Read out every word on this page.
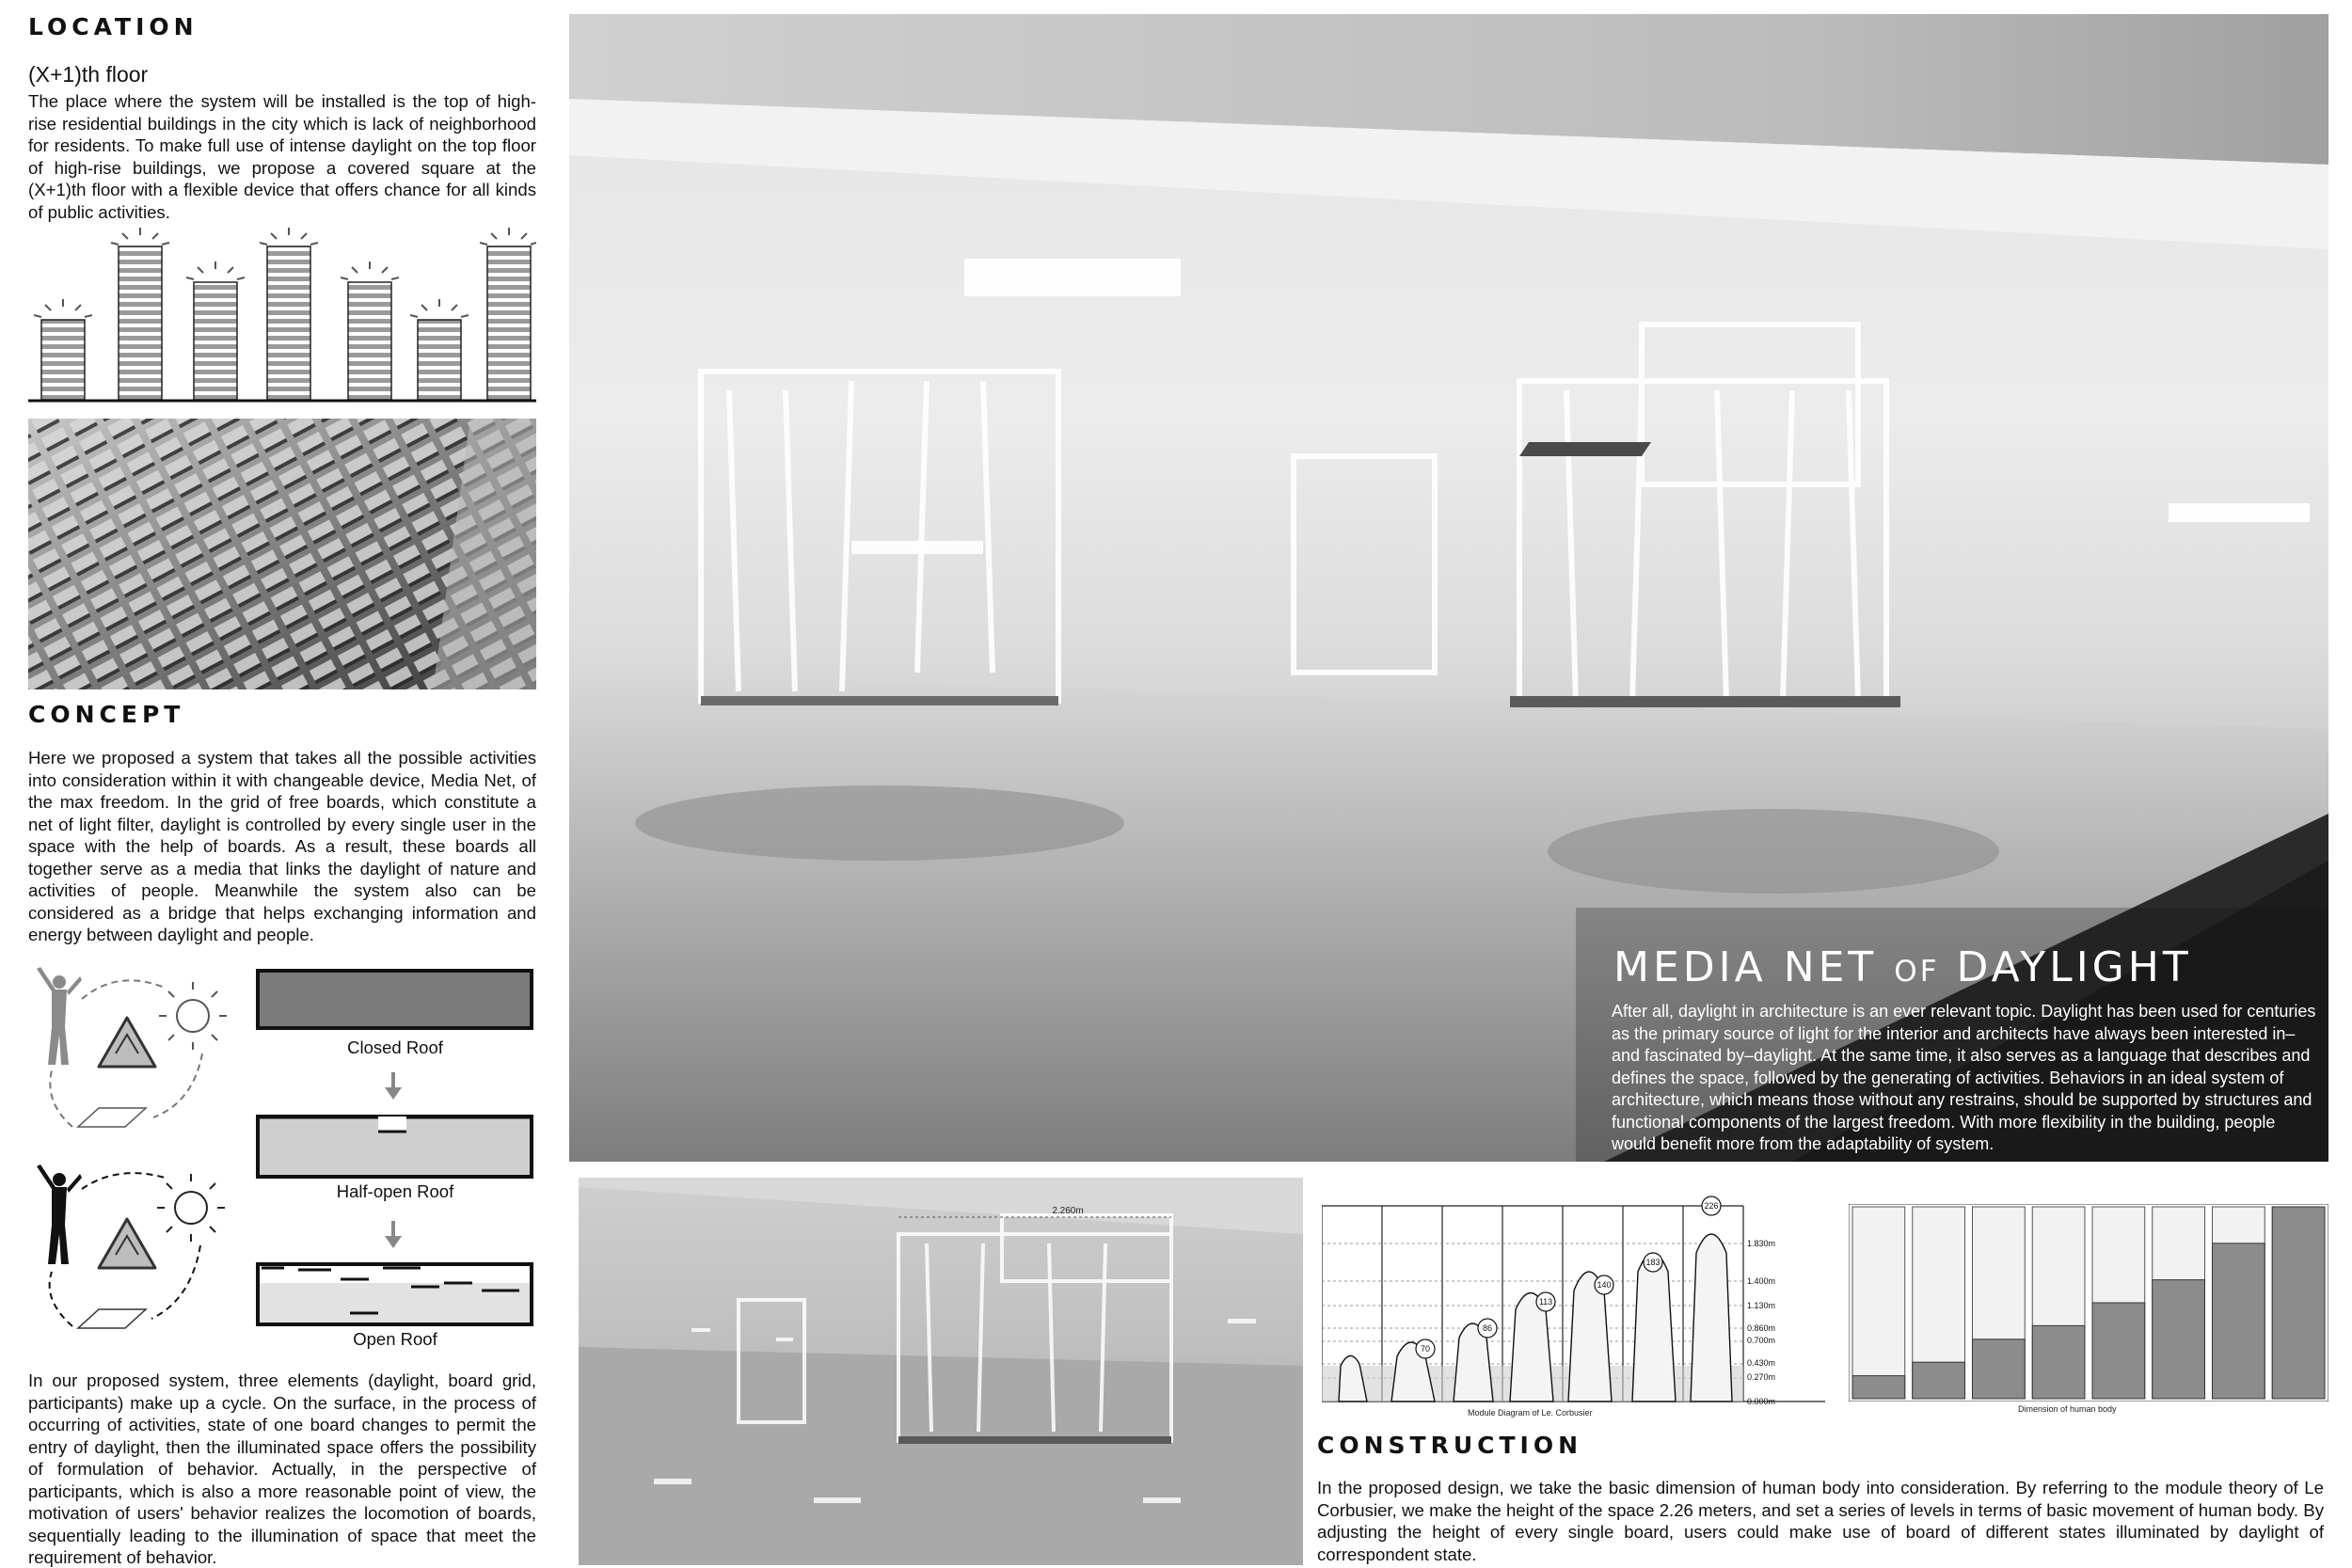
LOCATION
(X+1)th floor
The place where the system will be installed is the top of high-rise residential buildings in the city which is lack of neighborhood for residents. To make full use of intense daylight on the top floor of high-rise buildings, we propose a covered square at the (X+1)th floor with a flexible device that offers chance for all kinds of public activities.
CONCEPT
Here we proposed a system that takes all the possible activities into consideration within it with changeable device, Media Net, of the max freedom. In the grid of free boards, which constitute a net of light filter, daylight is controlled by every single user in the space with the help of boards. As a result, these boards all together serve as a media that links the daylight of nature and activities of people. Meanwhile the system also can be considered as a bridge that helps exchanging information and energy between daylight and people.
Closed Roof
Half-open Roof
Open Roof
In our proposed system, three elements (daylight, board grid, participants) make up a cycle. On the surface, in the process of occurring of activities, state of one board changes to permit the entry of daylight, then the illuminated space offers the possibility of formulation of behavior. Actually, in the perspective of participants, which is also a more reasonable point of view, the motivation of users' behavior realizes the locomotion of boards, sequentially leading to the illumination of space that meet the requirement of behavior.
MEDIA NET OF DAYLIGHT
After all, daylight in architecture is an ever relevant topic. Daylight has been used for centuries as the primary source of light for the interior and architects have always been interested in–and fascinated by–daylight. At the same time, it also serves as a language that describes and defines the space, followed by the generating of activities. Behaviors in an ideal system of architecture, which means those without any restrains, should be supported by structures and functional components of the largest freedom. With more flexibility in the building, people would benefit more from the adaptability of system.
2.260m	226
183
140
113
86
70
1.830m
1.400m
1.130m
0.860m
0.700m
0.430m
0.270m
0.000m
Module Diagram of Le. Corbusier	Dimension of human body
CONSTRUCTION
In the proposed design, we take the basic dimension of human body into consideration. By referring to the module theory of Le Corbusier, we make the height of the space 2.26 meters, and set a series of levels in terms of basic movement of human body. By adjusting the height of every single board, users could make use of board of different states illuminated by daylight of correspondent state.
